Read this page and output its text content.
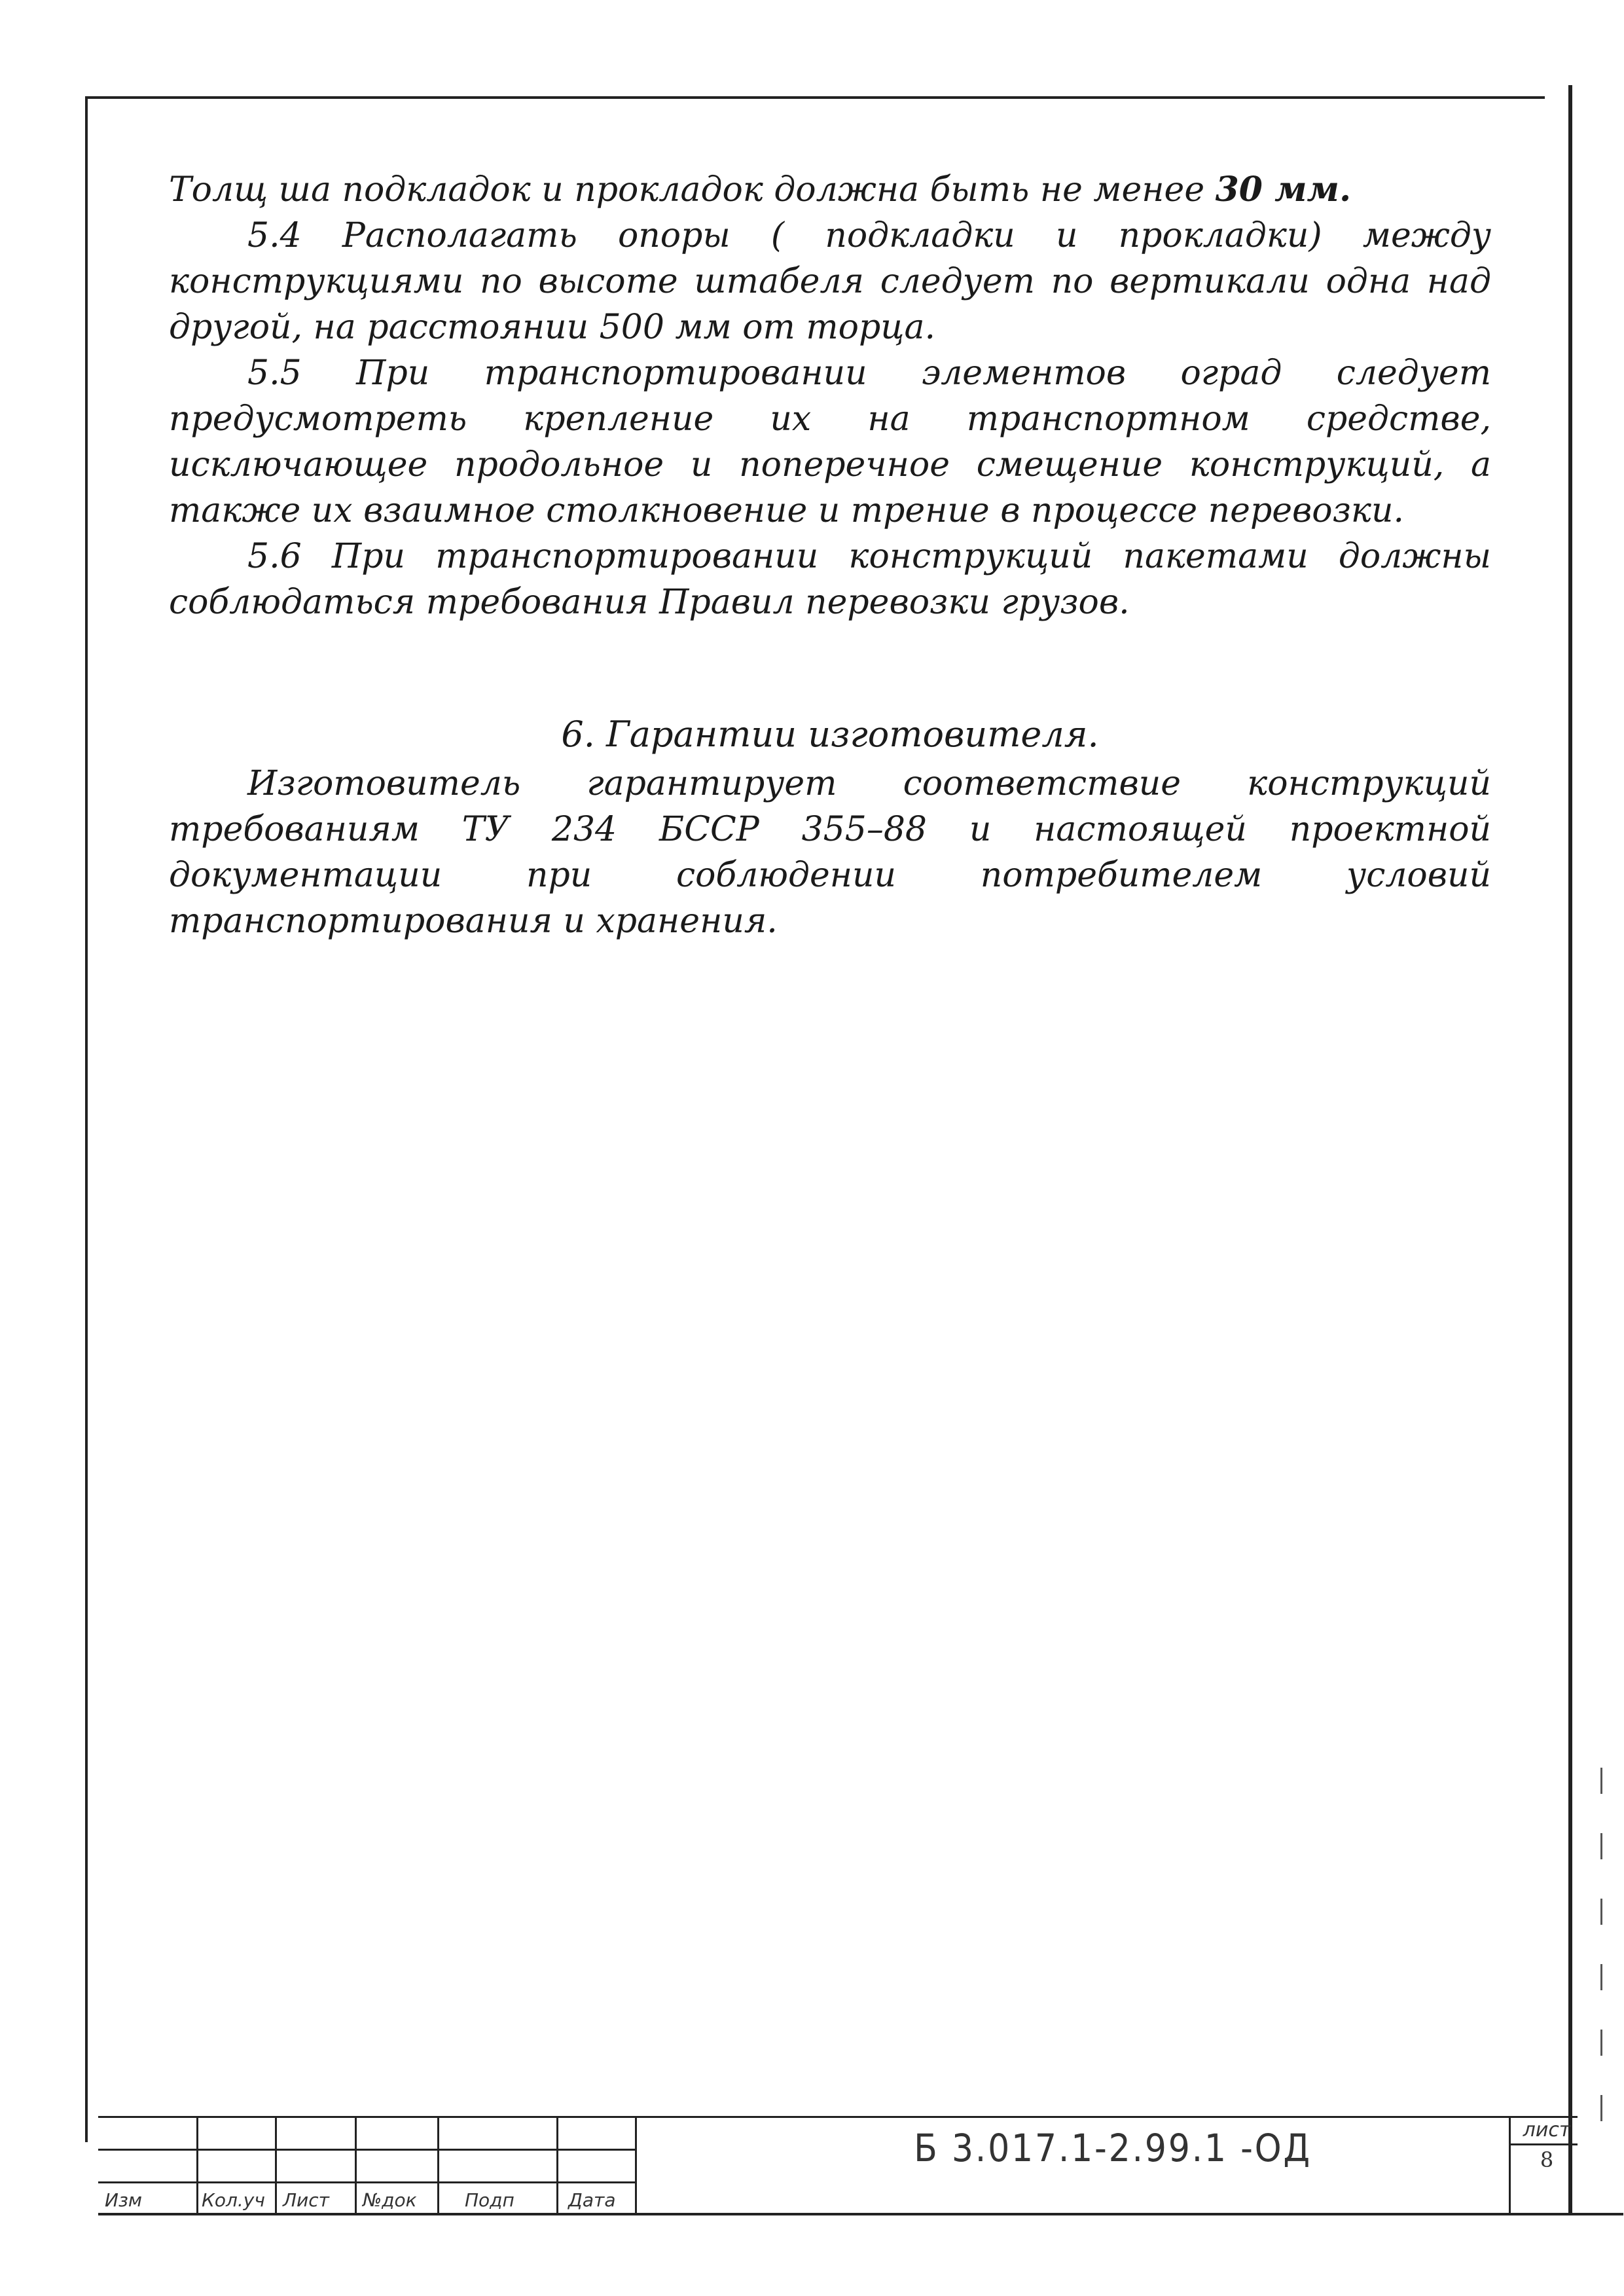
Толщ ша подкладок и прокладок должна быть не менее 30 мм.

5.4 Располагать опоры ( подкладки и прокладки) между конструкциями по высоте штабеля следует по вертикали одна над другой, на расстоянии 500 мм от торца.

5.5 При транспортировании элементов оград следует предусмотреть крепление их на транспортном средстве, исключающее продольное и поперечное смещение конструкций, а также их взаимное столкновение и трение в процессе перевозки.

5.6 При транспортировании конструкций пакетами должны соблюдаться требования Правил перевозки грузов.

6. Гарантии изготовителя.

Изготовитель гарантирует соответствие конструкций требованиям ТУ 234 БССР 355–88 и настоящей проектной документации при соблюдении потребителем условий транспортирования и хранения.

Изм	Кол.уч Лист №док	Подп	Дата
Б 3.017.1-2.99.1 -ОД	лист
8
